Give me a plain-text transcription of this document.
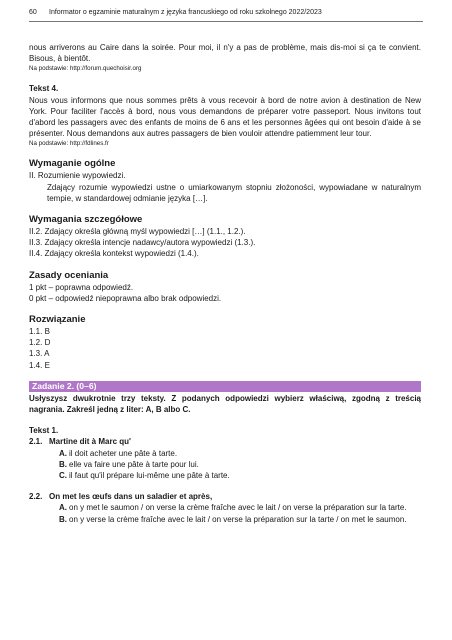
60 Informator o egzaminie maturalnym z języka francuskiego od roku szkolnego 2022/2023

nous arriverons au Caire dans la soirée. Pour moi, il n'y a pas de problème, mais dis-moi si ça te convient. Bisous, à bientôt.

Na podstawie: http://forum.quechoisir.org

Tekst 4.

Nous vous informons que nous sommes prêts à vous recevoir à bord de notre avion à destination de New York. Pour faciliter l'accès à bord, nous vous demandons de préparer votre passeport. Nous invitons tout d'abord les passagers avec des enfants de moins de 6 ans et les personnes âgées qui ont besoin d'aide à se présenter. Nous demandons aux autres passagers de bien vouloir attendre patiemment leur tour.

Na podstawie: http://fdlines.fr

Wymaganie ogólne

II. Rozumienie wypowiedzi.

Zdający rozumie wypowiedzi ustne o umiarkowanym stopniu złożoności, wypowiadane w naturalnym tempie, w standardowej odmianie języka […].

Wymagania szczegółowe

II.2. Zdający określa główną myśl wypowiedzi […] (1.1., 1.2.).

II.3. Zdający określa intencje nadawcy/autora wypowiedzi (1.3.).

II.4. Zdający określa kontekst wypowiedzi (1.4.).

Zasady oceniania

1 pkt – poprawna odpowiedź.

0 pkt – odpowiedź niepoprawna albo brak odpowiedzi.

Rozwiązanie

1.1. B

1.2. D

1.3. A

1.4. E

Zadanie 2. (0–6)

Usłyszysz dwukrotnie trzy teksty. Z podanych odpowiedzi wybierz właściwą, zgodną z treścią nagrania. Zakreśl jedną z liter: A, B albo C.

Tekst 1.

2.1. Martine dit à Marc qu'
A. il doit acheter une pâte à tarte.
B. elle va faire une pâte à tarte pour lui.
C. il faut qu'il prépare lui-même une pâte à tarte.
2.2. On met les œufs dans un saladier et après,
A. on y met le saumon / on verse la crème fraîche avec le lait / on verse la préparation sur la tarte.
B. on y verse la crème fraîche avec le lait / on verse la préparation sur la tarte / on met le saumon.
